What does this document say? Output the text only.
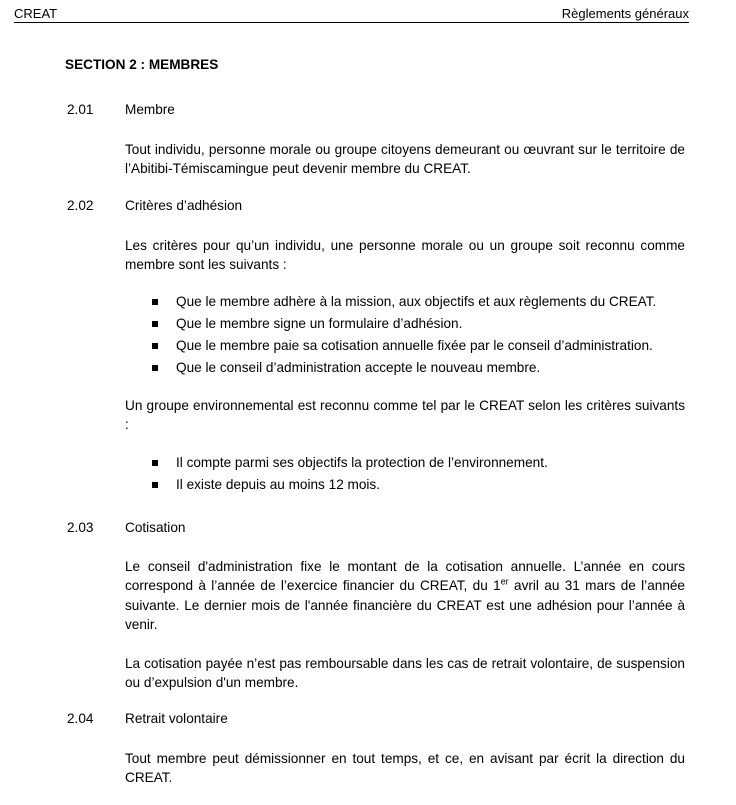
CREAT	Règlements généraux
SECTION 2 : MEMBRES
2.01 Membre

Tout individu, personne morale ou groupe citoyens demeurant ou œuvrant sur le territoire de l’Abitibi-Témiscamingue peut devenir membre du CREAT.

2.02 Critères d’adhésion

Les critères pour qu’un individu, une personne morale ou un groupe soit reconnu comme membre sont les suivants :

Que le membre adhère à la mission, aux objectifs et aux règlements du CREAT.
Que le membre signe un formulaire d’adhésion.
Que le membre paie sa cotisation annuelle fixée par le conseil d’administration.
Que le conseil d’administration accepte le nouveau membre.

Un groupe environnemental est reconnu comme tel par le CREAT selon les critères suivants :

Il compte parmi ses objectifs la protection de l’environnement.
Il existe depuis au moins 12 mois.
2.03 Cotisation

Le conseil d'administration fixe le montant de la cotisation annuelle. L’année en cours correspond à l’année de l’exercice financier du CREAT, du 1er avril au 31 mars de l’année suivante. Le dernier mois de l'année financière du CREAT est une adhésion pour l’année à venir.

La cotisation payée n’est pas remboursable dans les cas de retrait volontaire, de suspension ou d’expulsion d'un membre.

2.04 Retrait volontaire

Tout membre peut démissionner en tout temps, et ce, en avisant par écrit la direction du CREAT.
